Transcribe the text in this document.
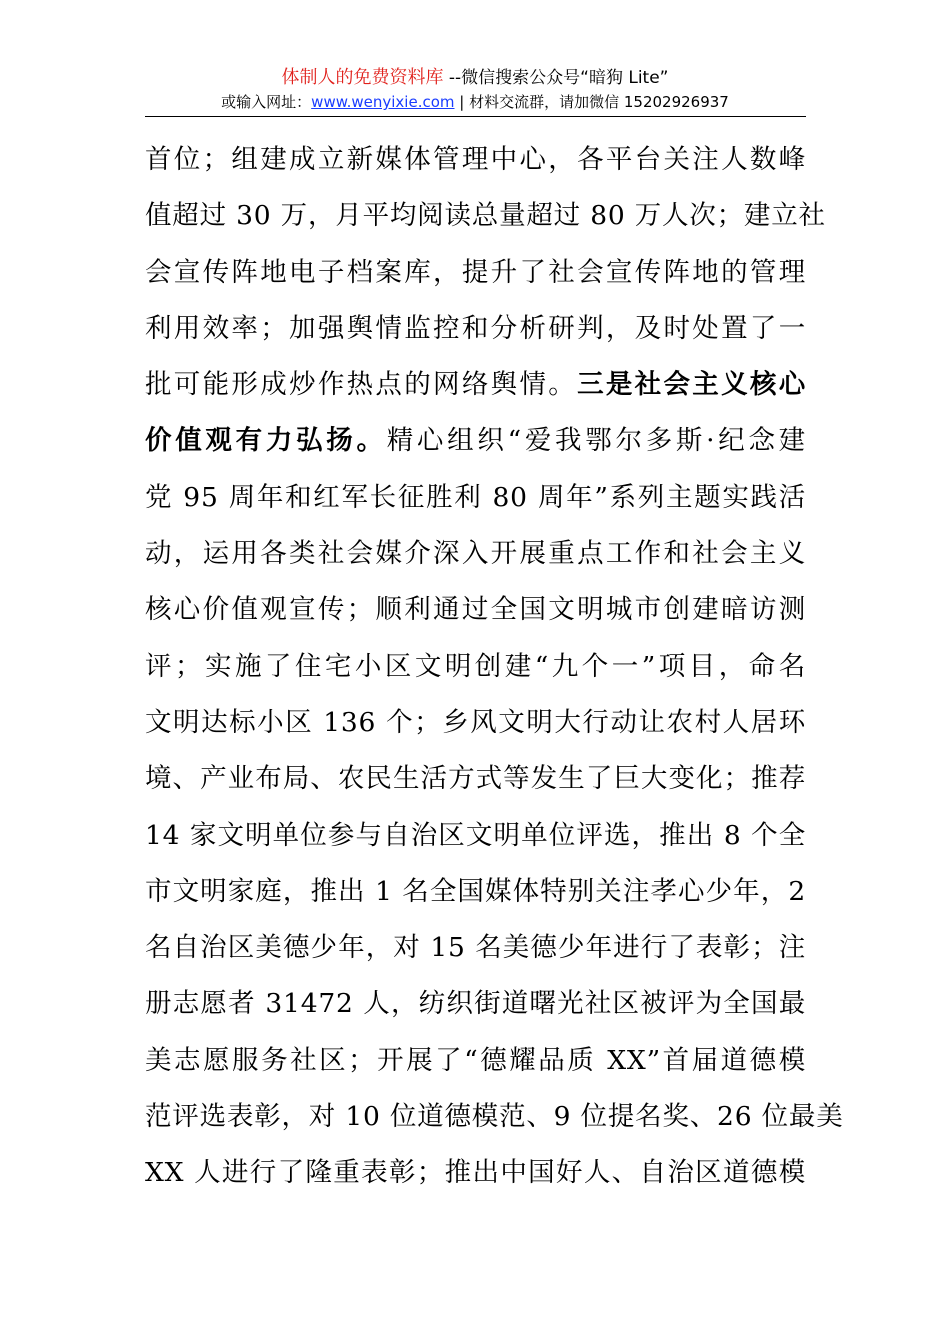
体制人的免费资料库 --微信搜索公众号“暗狗 Lite”
或输入网址：www.wenyixie.com | 材料交流群，请加微信 15202926937
首位；组建成立新媒体管理中心，各平台关注人数峰
值超过 30 万，月平均阅读总量超过 80 万人次；建立社
会宣传阵地电子档案库，提升了社会宣传阵地的管理
利用效率；加强舆情监控和分析研判，及时处置了一
批可能形成炒作热点的网络舆情。三是社会主义核心
价值观有力弘扬。精心组织“爱我鄂尔多斯·纪念建
党 95 周年和红军长征胜利 80 周年”系列主题实践活
动，运用各类社会媒介深入开展重点工作和社会主义
核心价值观宣传；顺利通过全国文明城市创建暗访测
评；实施了住宅小区文明创建“九个一”项目，命名
文明达标小区 136 个；乡风文明大行动让农村人居环
境、产业布局、农民生活方式等发生了巨大变化；推荐
14 家文明单位参与自治区文明单位评选，推出 8 个全
市文明家庭，推出 1 名全国媒体特别关注孝心少年，2
名自治区美德少年，对 15 名美德少年进行了表彰；注
册志愿者 31472 人，纺织街道曙光社区被评为全国最
美志愿服务社区；开展了“德耀品质 XX”首届道德模
范评选表彰，对 10 位道德模范、9 位提名奖、26 位最美
XX 人进行了隆重表彰；推出中国好人、自治区道德模
